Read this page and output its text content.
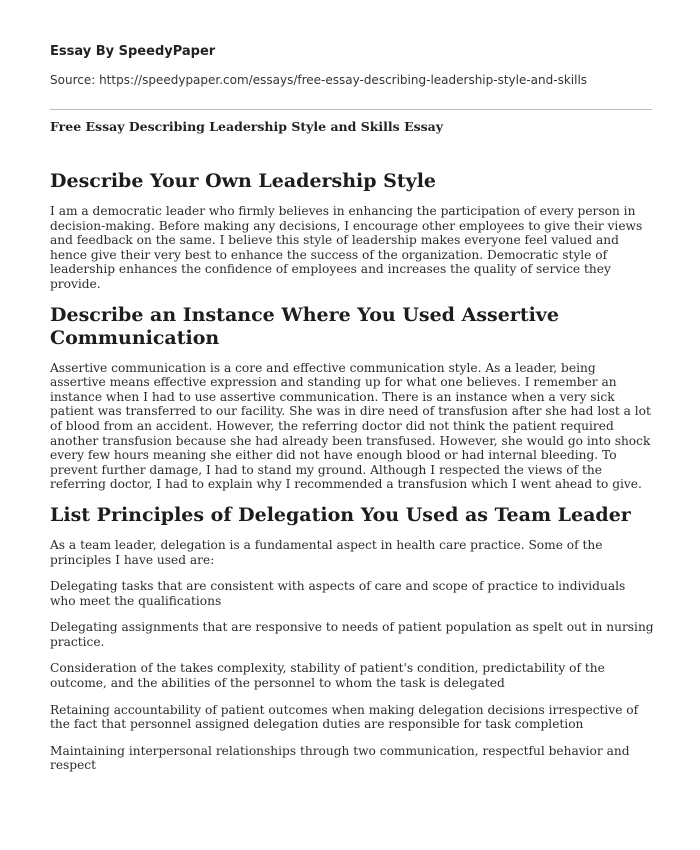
Essay By SpeedyPaper
Source: https://speedypaper.com/essays/free-essay-describing-leadership-style-and-skills
Free Essay Describing Leadership Style and Skills Essay
Describe Your Own Leadership Style

I am a democratic leader who firmly believes in enhancing the participation of every person in decision-making. Before making any decisions, I encourage other employees to give their views and feedback on the same. I believe this style of leadership makes everyone feel valued and hence give their very best to enhance the success of the organization. Democratic style of leadership enhances the confidence of employees and increases the quality of service they provide.

Describe an Instance Where You Used Assertive Communication

Assertive communication is a core and effective communication style. As a leader, being assertive means effective expression and standing up for what one believes. I remember an instance when I had to use assertive communication. There is an instance when a very sick patient was transferred to our facility. She was in dire need of transfusion after she had lost a lot of blood from an accident. However, the referring doctor did not think the patient required another transfusion because she had already been transfused. However, she would go into shock every few hours meaning she either did not have enough blood or had internal bleeding. To prevent further damage, I had to stand my ground. Although I respected the views of the referring doctor, I had to explain why I recommended a transfusion which I went ahead to give.

List Principles of Delegation You Used as Team Leader

As a team leader, delegation is a fundamental aspect in health care practice. Some of the principles I have used are:

Delegating tasks that are consistent with aspects of care and scope of practice to individuals who meet the qualifications

Delegating assignments that are responsive to needs of patient population as spelt out in nursing practice.

Consideration of the takes complexity, stability of patient's condition, predictability of the outcome, and the abilities of the personnel to whom the task is delegated

Retaining accountability of patient outcomes when making delegation decisions irrespective of the fact that personnel assigned delegation duties are responsible for task completion

Maintaining interpersonal relationships through two communication, respectful behavior and respect
